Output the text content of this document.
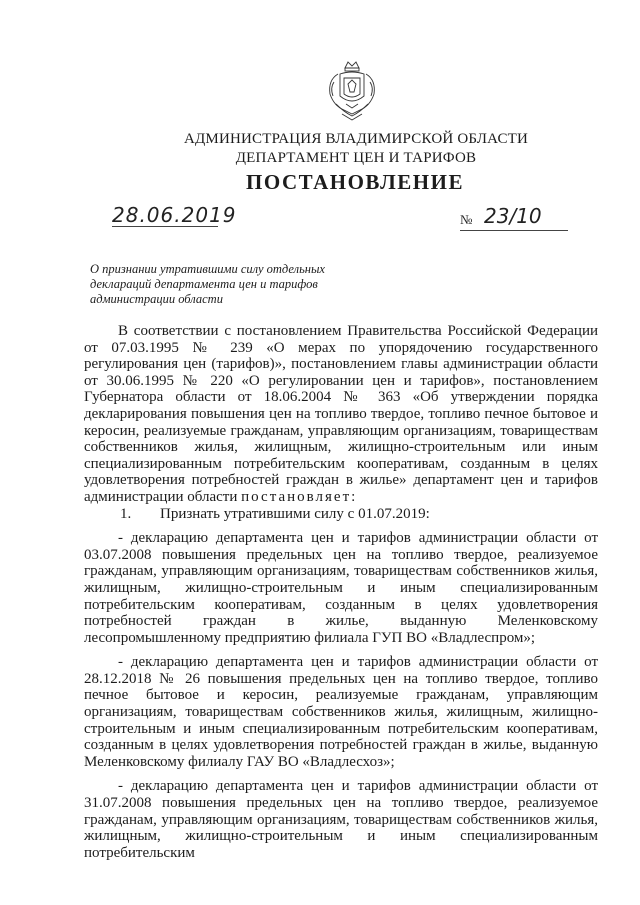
АДМИНИСТРАЦИЯ ВЛАДИМИРСКОЙ ОБЛАСТИ
ДЕПАРТАМЕНТ ЦЕН И ТАРИФОВ
ПОСТАНОВЛЕНИЕ
28.06.2019	№ 23/10
О признании утратившими силу отдельных деклараций департамента цен и тарифов администрации области

В соответствии с постановлением Правительства Российской Федерации от 07.03.1995 № 239 «О мерах по упорядочению государственного регулирования цен (тарифов)», постановлением главы администрации области от 30.06.1995 № 220 «О регулировании цен и тарифов», постановлением Губернатора области от 18.06.2004 № 363 «Об утверждении порядка декларирования повышения цен на топливо твердое, топливо печное бытовое и керосин, реализуемые гражданам, управляющим организациям, товариществам собственников жилья, жилищным, жилищно-строительным или иным специализированным потребительским кооперативам, созданным в целях удовлетворения потребностей граждан в жилье» департамент цен и тарифов администрации области постановляет:

1. Признать утратившими силу с 01.07.2019:

- декларацию департамента цен и тарифов администрации области от 03.07.2008 повышения предельных цен на топливо твердое, реализуемое гражданам, управляющим организациям, товариществам собственников жилья, жилищным, жилищно-строительным и иным специализированным потребительским кооперативам, созданным в целях удовлетворения потребностей граждан в жилье, выданную Меленковскому лесопромышленному предприятию филиала ГУП ВО «Владлеспром»;

- декларацию департамента цен и тарифов администрации области от 28.12.2018 № 26 повышения предельных цен на топливо твердое, топливо печное бытовое и керосин, реализуемые гражданам, управляющим организациям, товариществам собственников жилья, жилищным, жилищно-строительным и иным специализированным потребительским кооперативам, созданным в целях удовлетворения потребностей граждан в жилье, выданную Меленковскому филиалу ГАУ ВО «Владлесхоз»;

- декларацию департамента цен и тарифов администрации области от 31.07.2008 повышения предельных цен на топливо твердое, реализуемое гражданам, управляющим организациям, товариществам собственников жилья, жилищным, жилищно-строительным и иным специализированным потребительским
